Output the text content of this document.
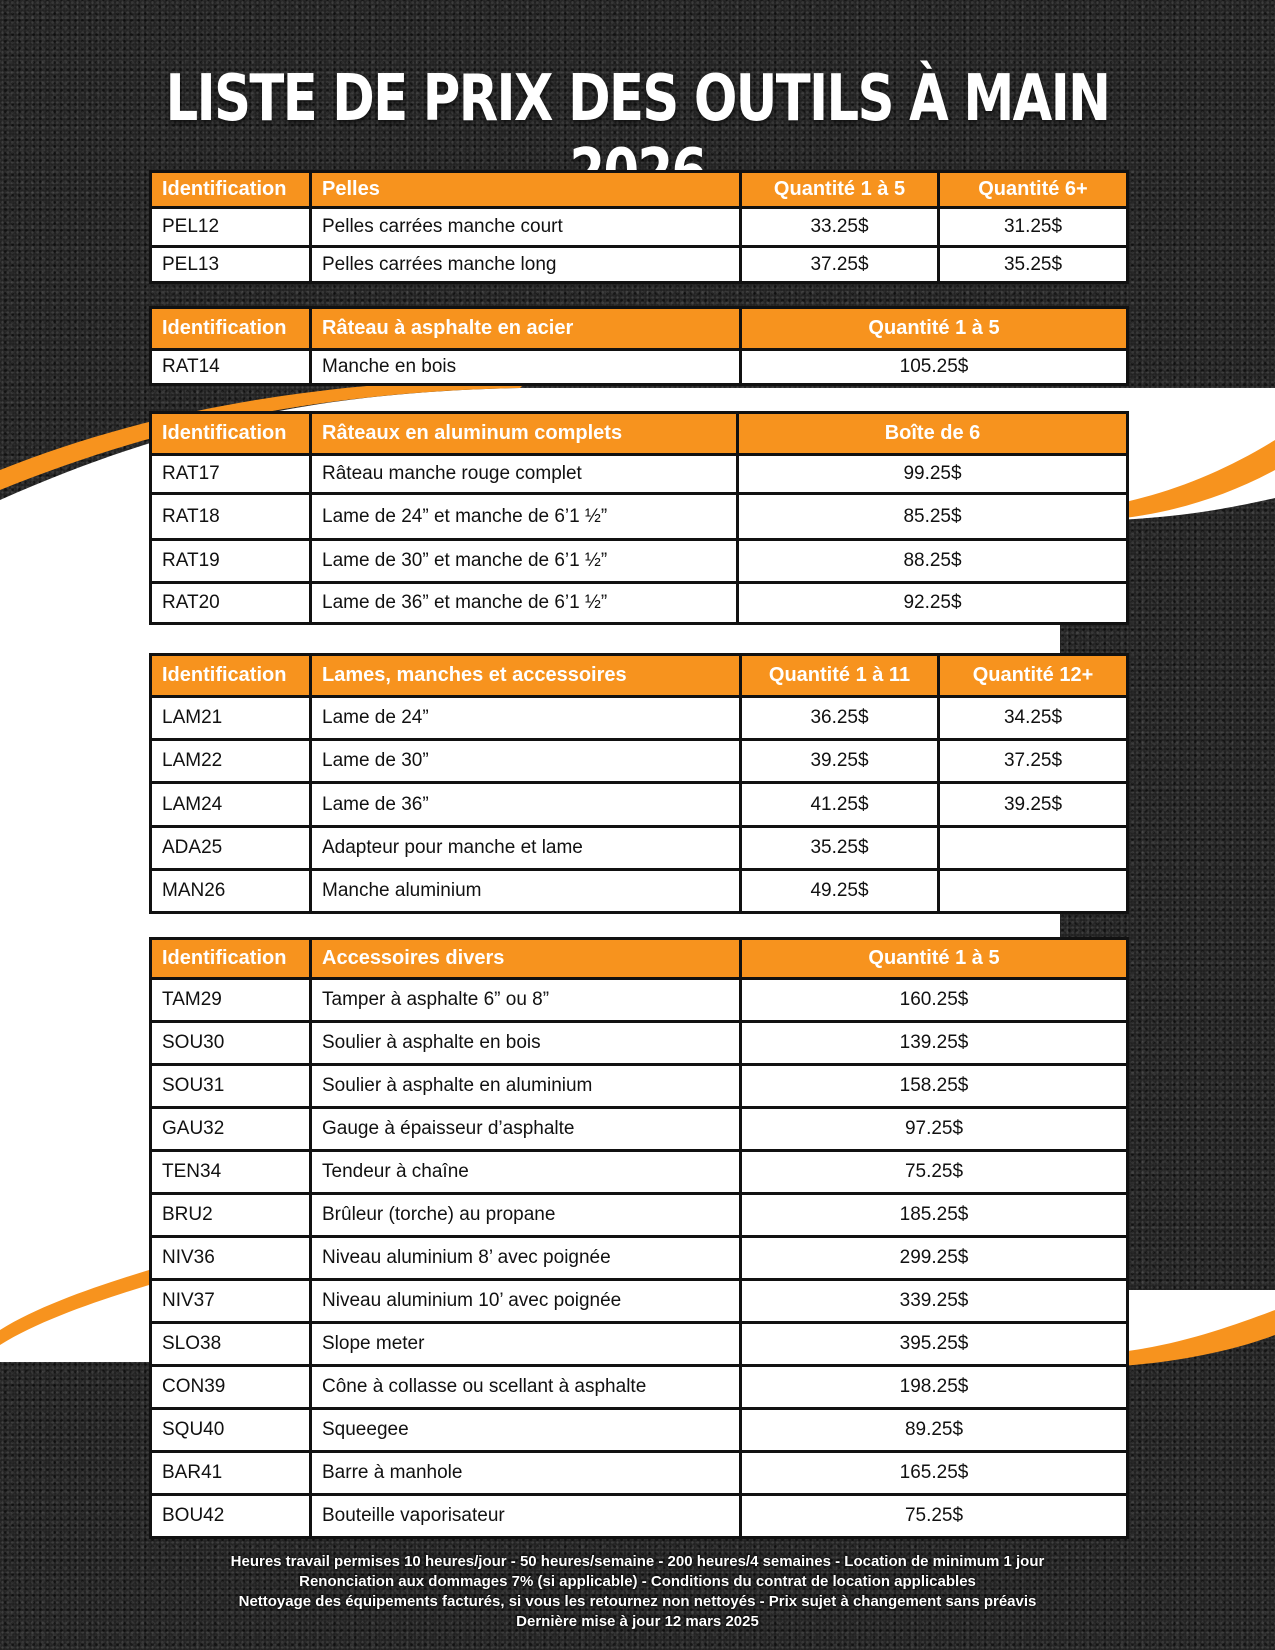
LISTE DE PRIX DES OUTILS À MAIN
Identification	Pelles	Quantité 1 à 5	Quantité 6+
PEL12	Pelles carrées manche court	33.25$	31.25$
PEL13	Pelles carrées manche long	37.25$	35.25$
Identification	Râteau à asphalte en acier	Quantité 1 à 5
RAT14	Manche en bois	105.25$
Identification	Râteaux en aluminum complets	Boîte de 6
RAT17	Râteau manche rouge complet	99.25$
RAT18	Lame de 24” et manche de 6’1 ½”	85.25$
RAT19	Lame de 30” et manche de 6’1 ½”	88.25$
RAT20	Lame de 36” et manche de 6’1 ½”	92.25$
Identification	Lames, manches et accessoires	Quantité 1 à 11	Quantité 12+
LAM21	Lame de 24”	36.25$	34.25$
LAM22	Lame de 30”	39.25$	37.25$
LAM24	Lame de 36”	41.25$	39.25$
ADA25	Adapteur pour manche et lame	35.25$	
MAN26	Manche aluminium	49.25$	
Identification	Accessoires divers	Quantité 1 à 5
TAM29	Tamper à asphalte 6” ou 8”	160.25$
SOU30	Soulier à asphalte en bois	139.25$
SOU31	Soulier à asphalte en aluminium	158.25$
GAU32	Gauge à épaisseur d’asphalte	97.25$
TEN34	Tendeur à chaîne	75.25$
BRU2	Brûleur (torche) au propane	185.25$
NIV36	Niveau aluminium 8’ avec poignée	299.25$
NIV37	Niveau aluminium 10’ avec poignée	339.25$
SLO38	Slope meter	395.25$
CON39	Cône à collasse ou scellant à asphalte	198.25$
SQU40	Squeegee	89.25$
BAR41	Barre à manhole	165.25$
BOU42	Bouteille vaporisateur	75.25$
Heures travail permises 10 heures/jour - 50 heures/semaine - 200 heures/4 semaines - Location de minimum 1 jour
Renonciation aux dommages 7% (si applicable) - Conditions du contrat de location applicables
Nettoyage des équipements facturés, si vous les retournez non nettoyés - Prix sujet à changement sans préavis
Dernière mise à jour 12 mars 2025
